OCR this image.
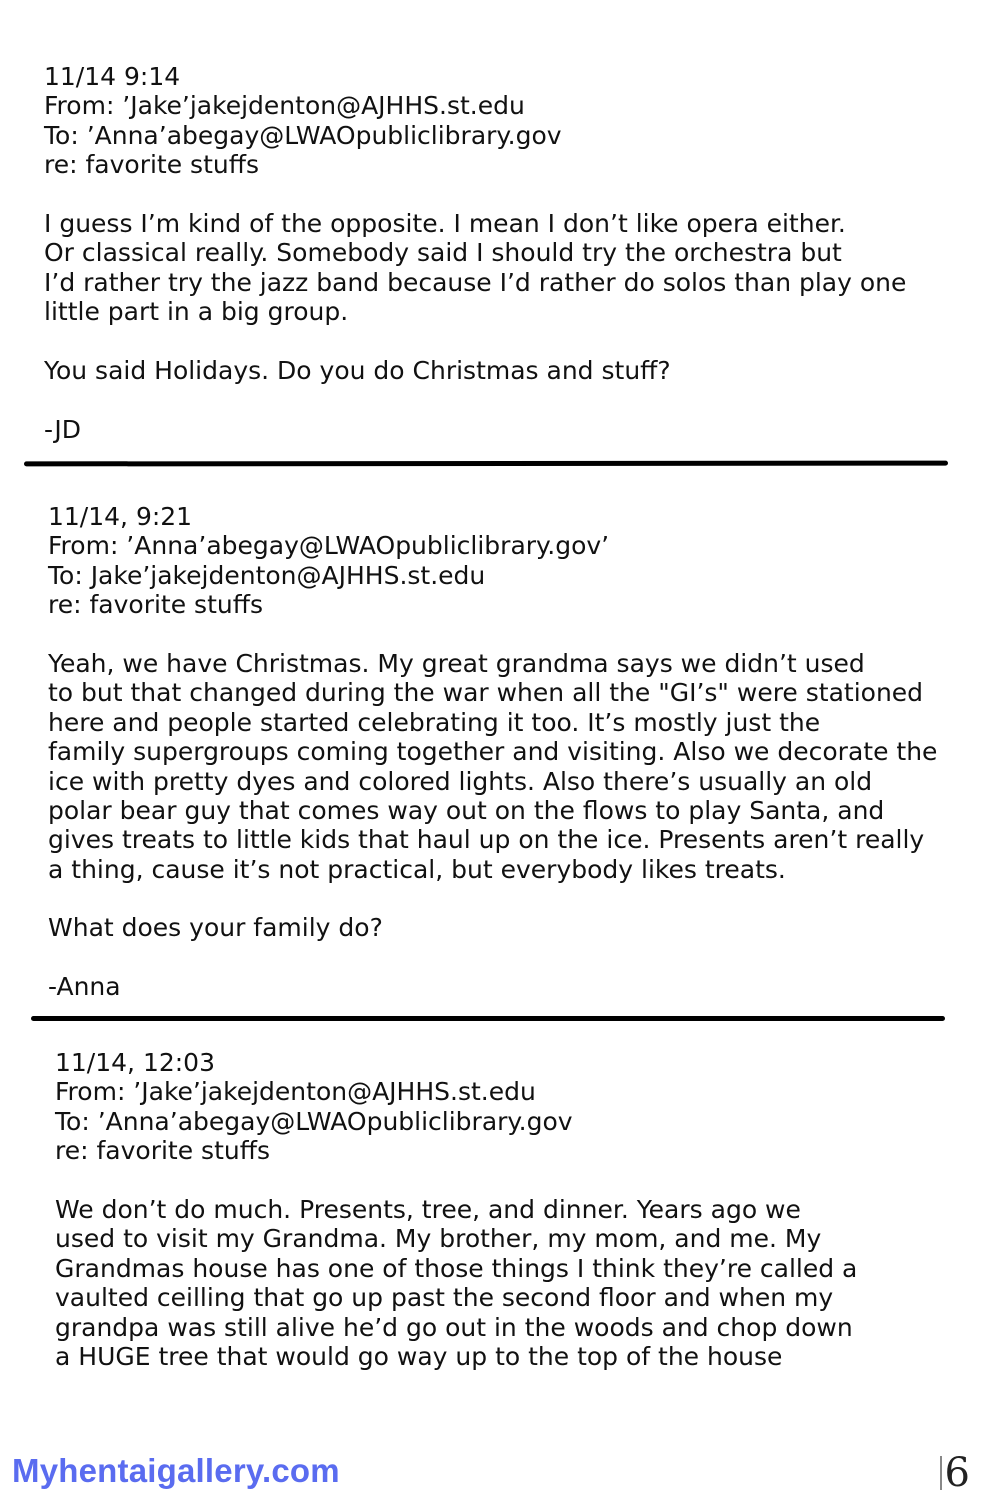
11/14 9:14
From: ’Jake’jakejdenton@AJHHS.st.edu
To: ’Anna’abegay@LWAOpubliclibrary.gov
re: favorite stuffs
I guess I’m kind of the opposite. I mean I don’t like opera either.
Or classical really. Somebody said I should try the orchestra but
I’d rather try the jazz band because I’d rather do solos than play one
little part in a big group.
You said Holidays. Do you do Christmas and stuff?
-JD
11/14, 9:21
From: ’Anna’abegay@LWAOpubliclibrary.gov’
To: Jake’jakejdenton@AJHHS.st.edu
re: favorite stuffs
Yeah, we have Christmas. My great grandma says we didn’t used
to but that changed during the war when all the "GI’s" were stationed
here and people started celebrating it too. It’s mostly just the
family supergroups coming together and visiting. Also we decorate the
ice with pretty dyes and colored lights. Also there’s usually an old
polar bear guy that comes way out on the flows to play Santa, and
gives treats to little kids that haul up on the ice. Presents aren’t really
a thing, cause it’s not practical, but everybody likes treats.
What does your family do?
-Anna
11/14, 12:03
From: ’Jake’jakejdenton@AJHHS.st.edu
To: ’Anna’abegay@LWAOpubliclibrary.gov
re: favorite stuffs
We don’t do much. Presents, tree, and dinner. Years ago we
used to visit my Grandma. My brother, my mom, and me. My
Grandmas house has one of those things I think they’re called a
vaulted ceilling that go up past the second floor and when my
grandpa was still alive he’d go out in the woods and chop down
a HUGE tree that would go way up to the top of the house
Myhentaigallery.com	6
